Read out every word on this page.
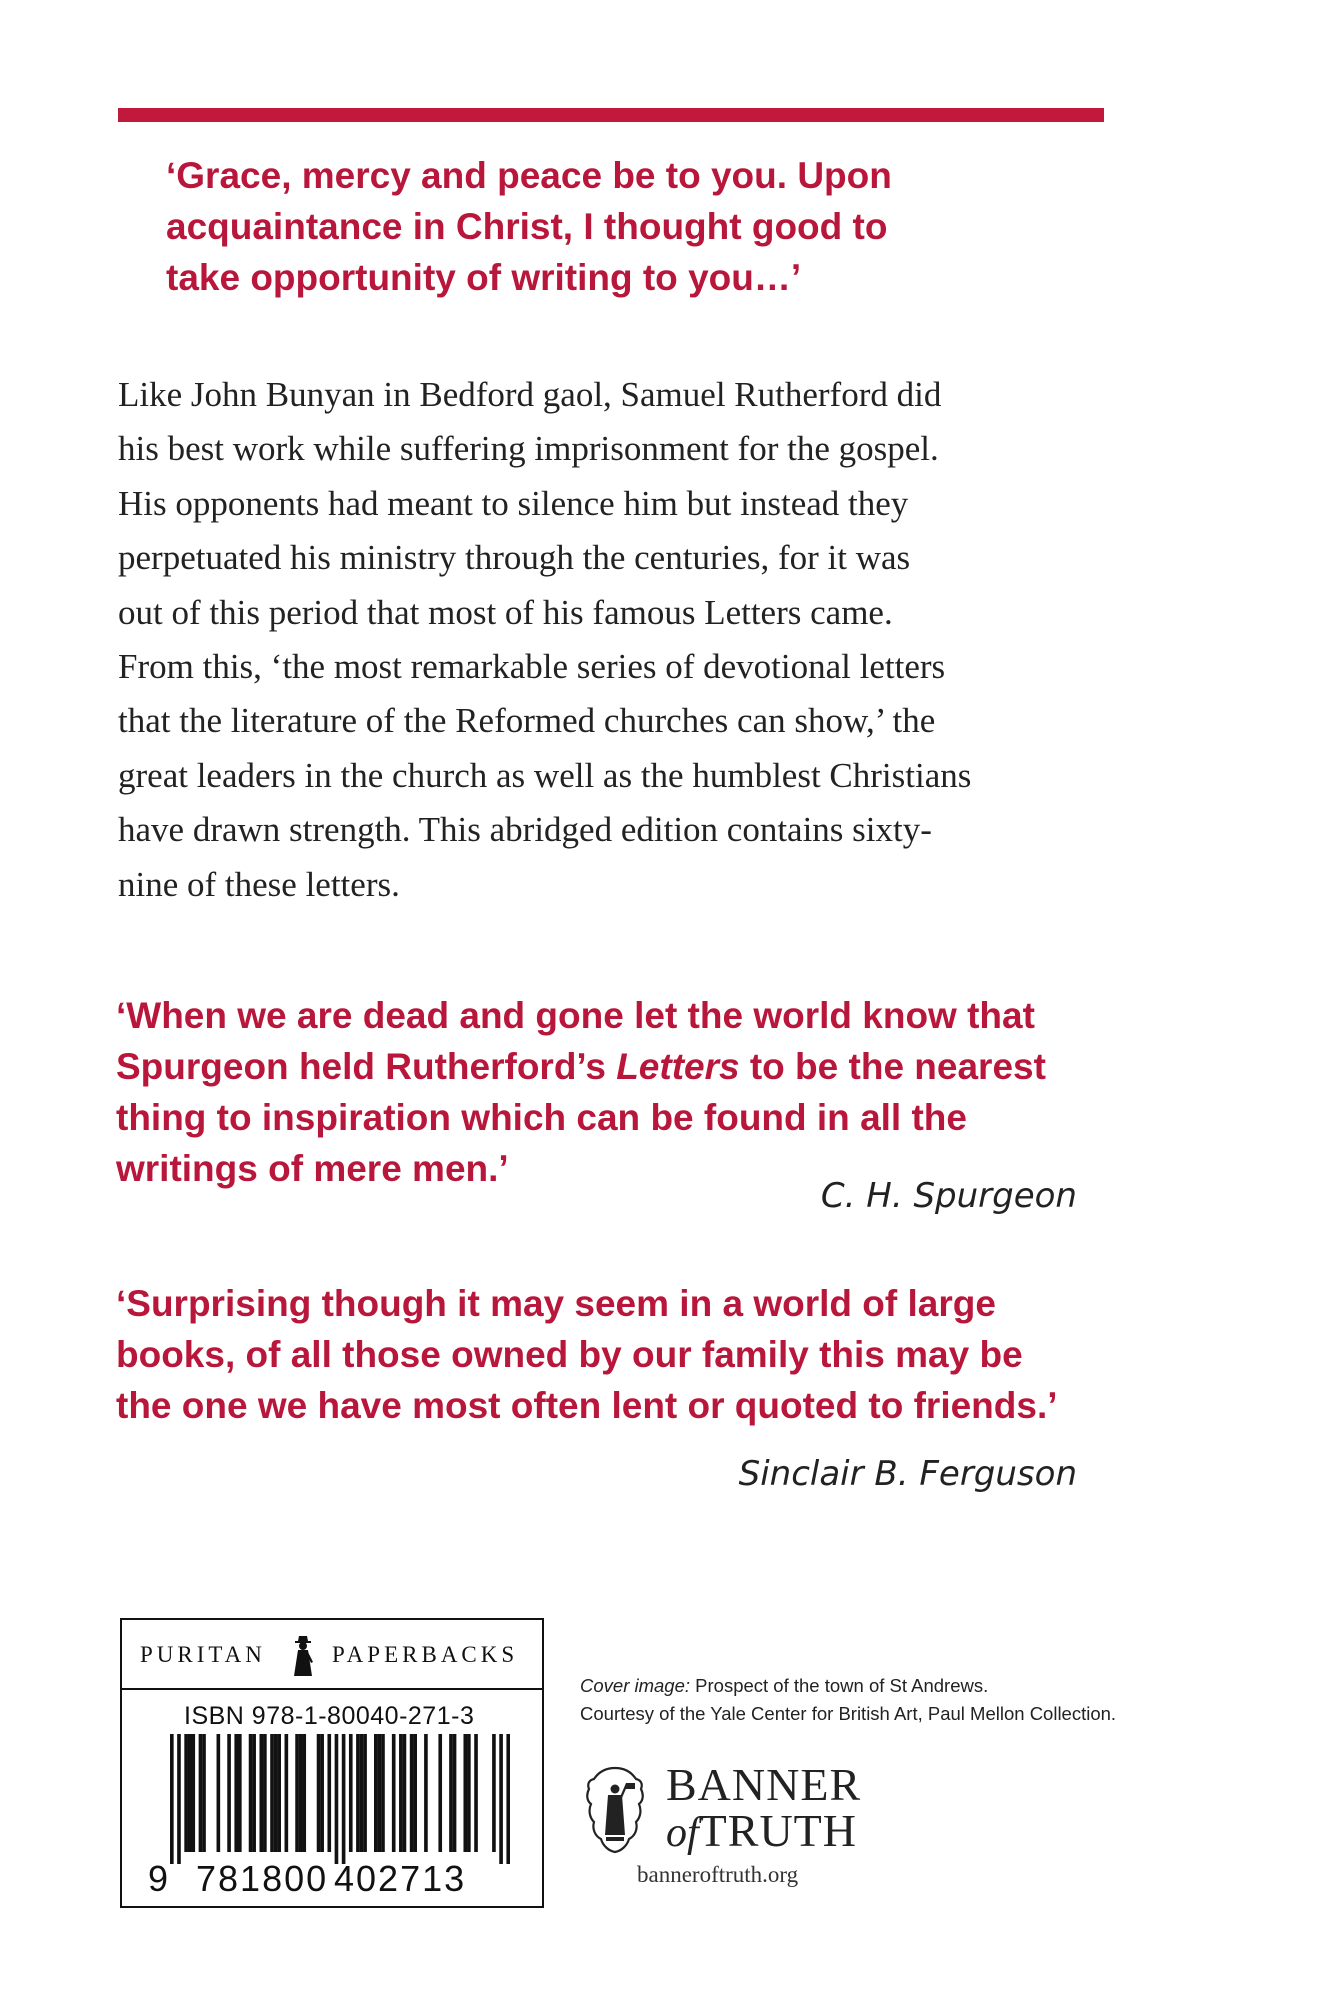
‘Grace, mercy and peace be to you. Upon
acquaintance in Christ, I thought good to
take opportunity of writing to you…’
Like John Bunyan in Bedford gaol, Samuel Rutherford did
his best work while suffering imprisonment for the gospel.
His opponents had meant to silence him but instead they
perpetuated his ministry through the centuries, for it was
out of this period that most of his famous Letters came.
From this, ‘the most remarkable series of devotional letters
that the literature of the Reformed churches can show,’ the
great leaders in the church as well as the humblest Christians
have drawn strength. This abridged edition contains sixty-
nine of these letters.
‘When we are dead and gone let the world know that
Spurgeon held Rutherford’s Letters to be the nearest
thing to inspiration which can be found in all the
writings of mere men.’
C. H. Spurgeon
‘Surprising though it may seem in a world of large
books, of all those owned by our family this may be
the one we have most often lent or quoted to friends.’
Sinclair B. Ferguson
PURITAN	PAPERBACKS
ISBN 978-1-80040-271-3
9 781800 402713
Cover image: Prospect of the town of St Andrews.
Courtesy of the Yale Center for British Art, Paul Mellon Collection.
BANNER
ofTRUTH
banneroftruth.org
